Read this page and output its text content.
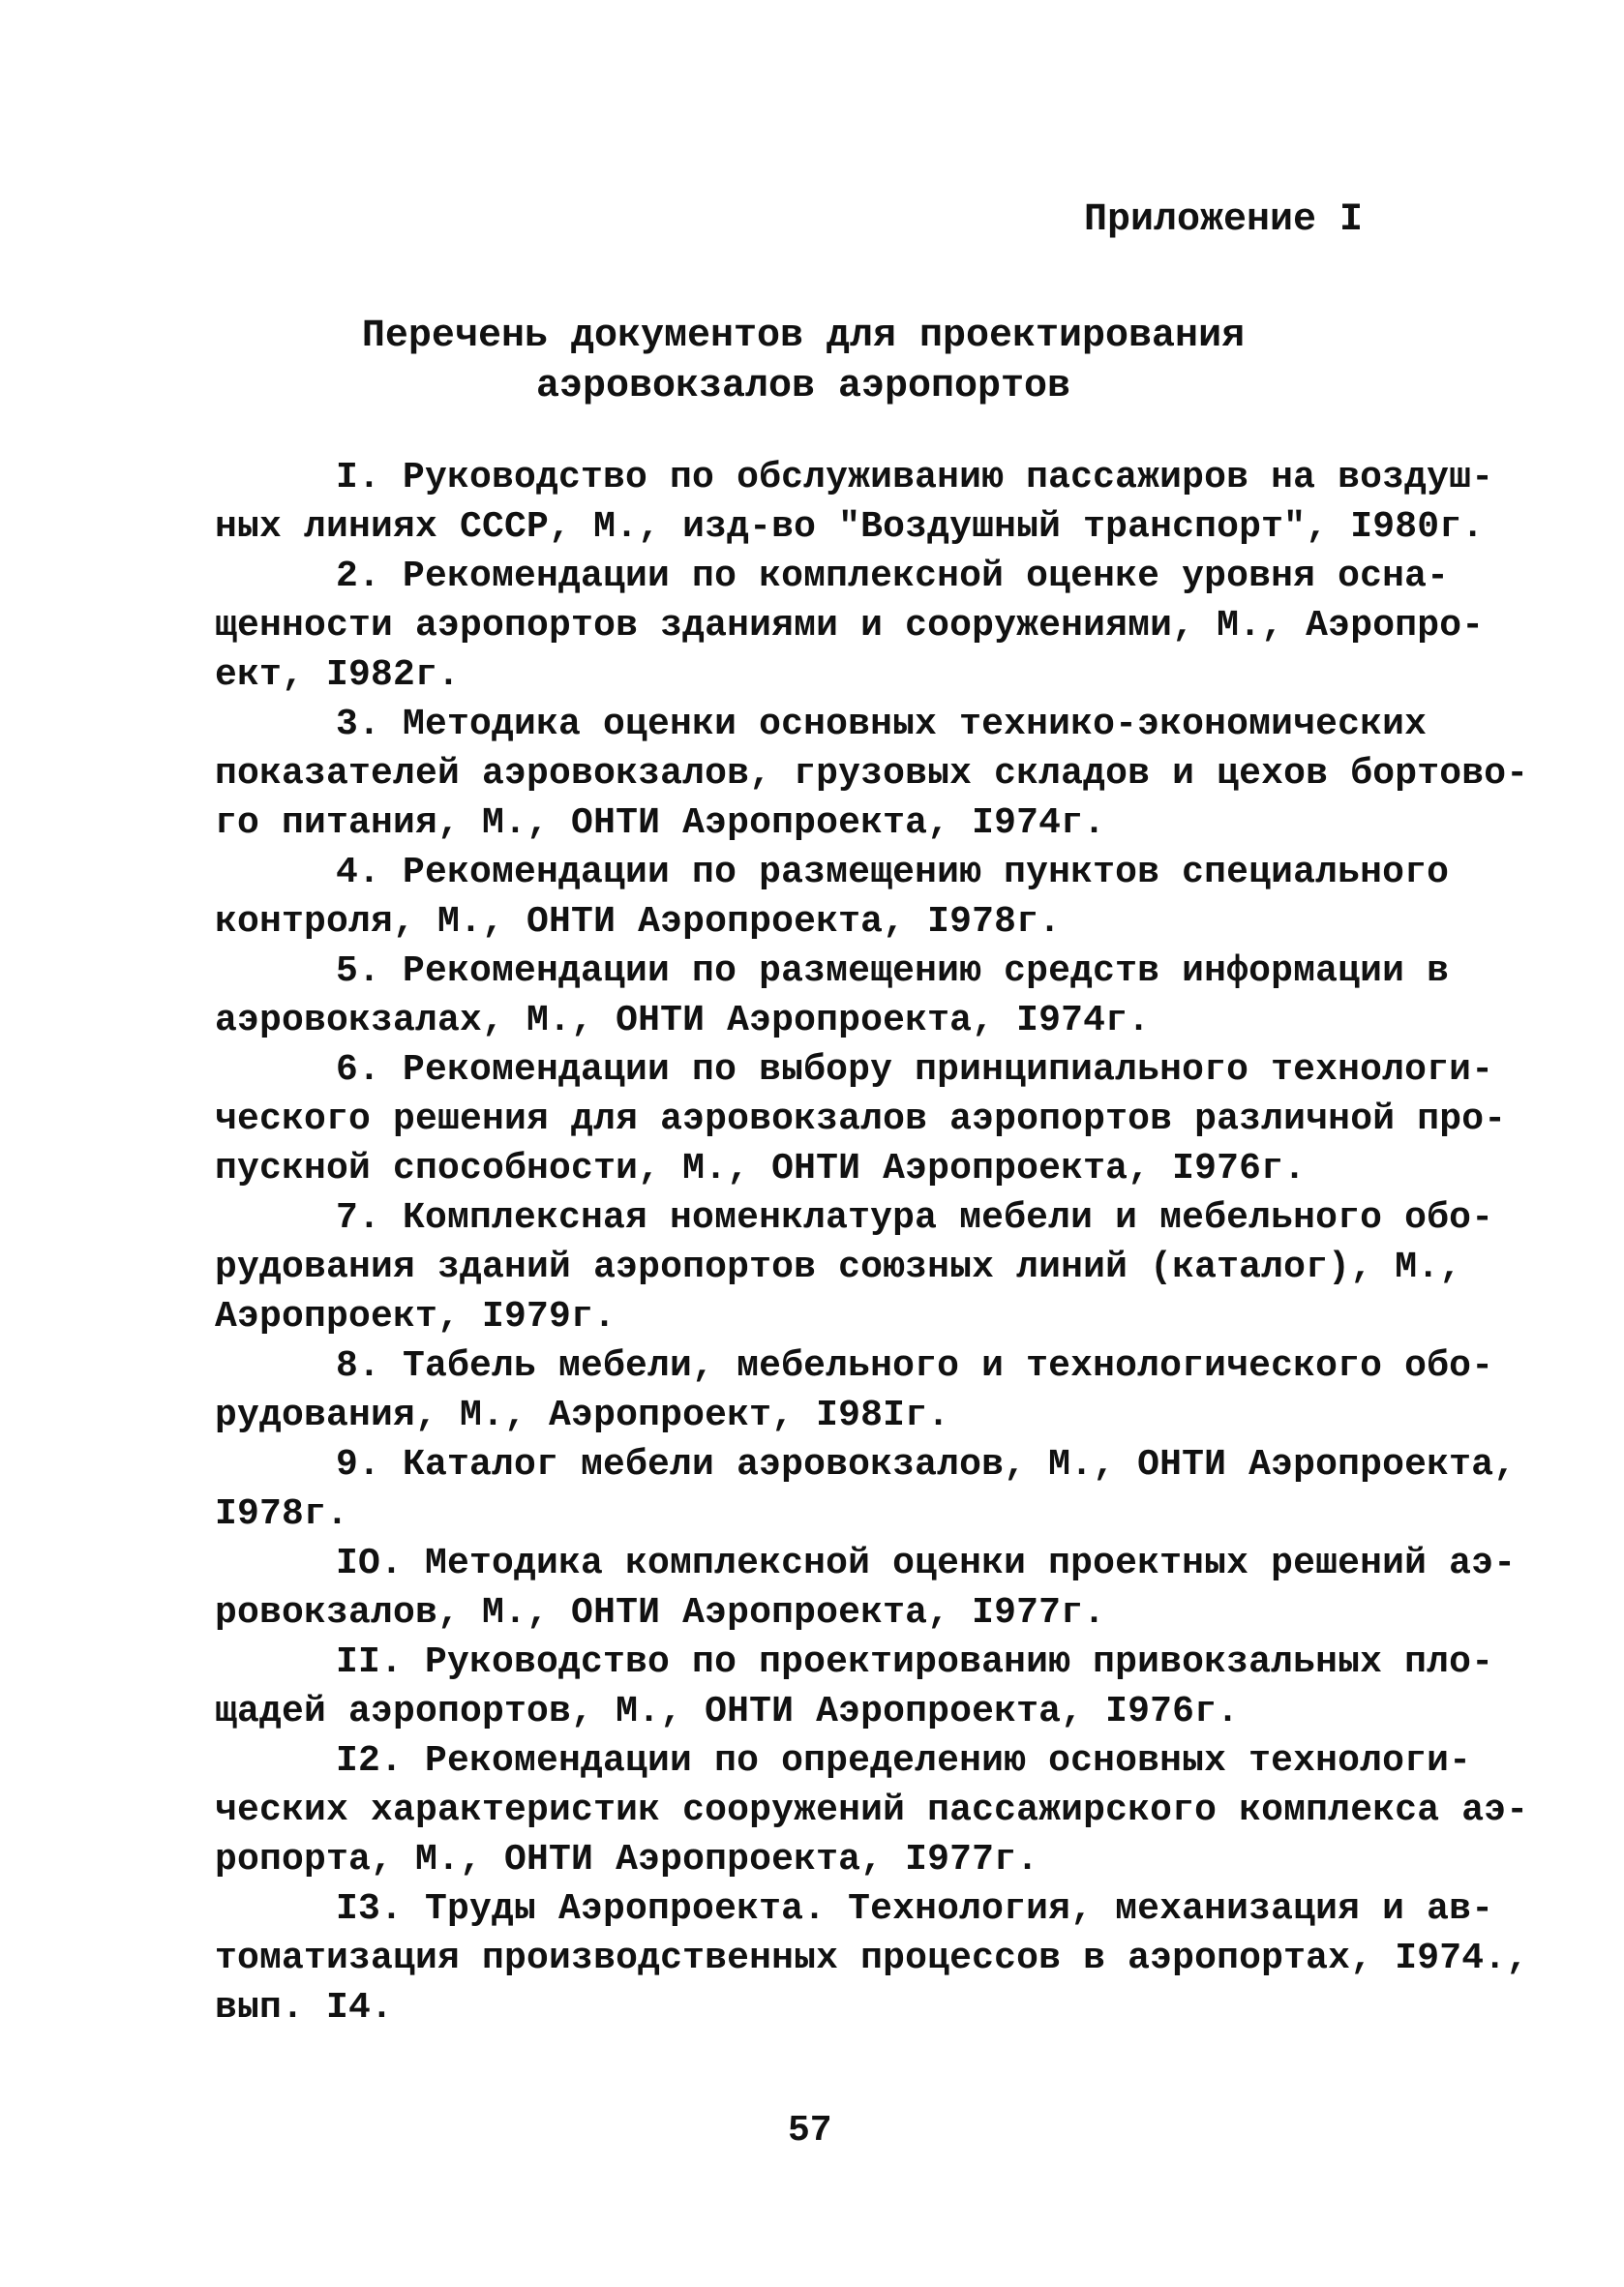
Приложение I
Перечень документов для проектирования
аэровокзалов аэропортов
I. Руководство по обслуживанию пассажиров на воздуш-
ных линиях СССР, М., изд-во "Воздушный транспорт", I980г.
2. Рекомендации по комплексной оценке уровня осна-
щенности аэропортов зданиями и сооружениями, М., Аэропро-
ект, I982г.
3. Методика оценки основных технико-экономических
показателей аэровокзалов, грузовых складов и цехов бортово-
го питания, М., ОНТИ Аэропроекта, I974г.
4. Рекомендации по размещению пунктов специального
контроля, М., ОНТИ Аэропроекта, I978г.
5. Рекомендации по размещению средств информации в
аэровокзалах, М., ОНТИ Аэропроекта, I974г.
6. Рекомендации по выбору принципиального технологи-
ческого решения для аэровокзалов аэропортов различной про-
пускной способности, М., ОНТИ Аэропроекта, I976г.
7. Комплексная номенклатура мебели и мебельного обо-
рудования зданий аэропортов союзных линий (каталог), М.,
Аэропроект, I979г.
8. Табель мебели, мебельного и технологического обо-
рудования, М., Аэропроект, I98Iг.
9. Каталог мебели аэровокзалов, М., ОНТИ Аэропроекта,
I978г.
IO. Методика комплексной оценки проектных решений аэ-
ровокзалов, М., ОНТИ Аэропроекта, I977г.
II. Руководство по проектированию привокзальных пло-
щадей аэропортов, М., ОНТИ Аэропроекта, I976г.
I2. Рекомендации по определению основных технологи-
ческих характеристик сооружений пассажирского комплекса аэ-
ропорта, М., ОНТИ Аэропроекта, I977г.
I3. Труды Аэропроекта. Технология, механизация и ав-
томатизация производственных процессов в аэропортах, I974.,
вып. I4.
57
